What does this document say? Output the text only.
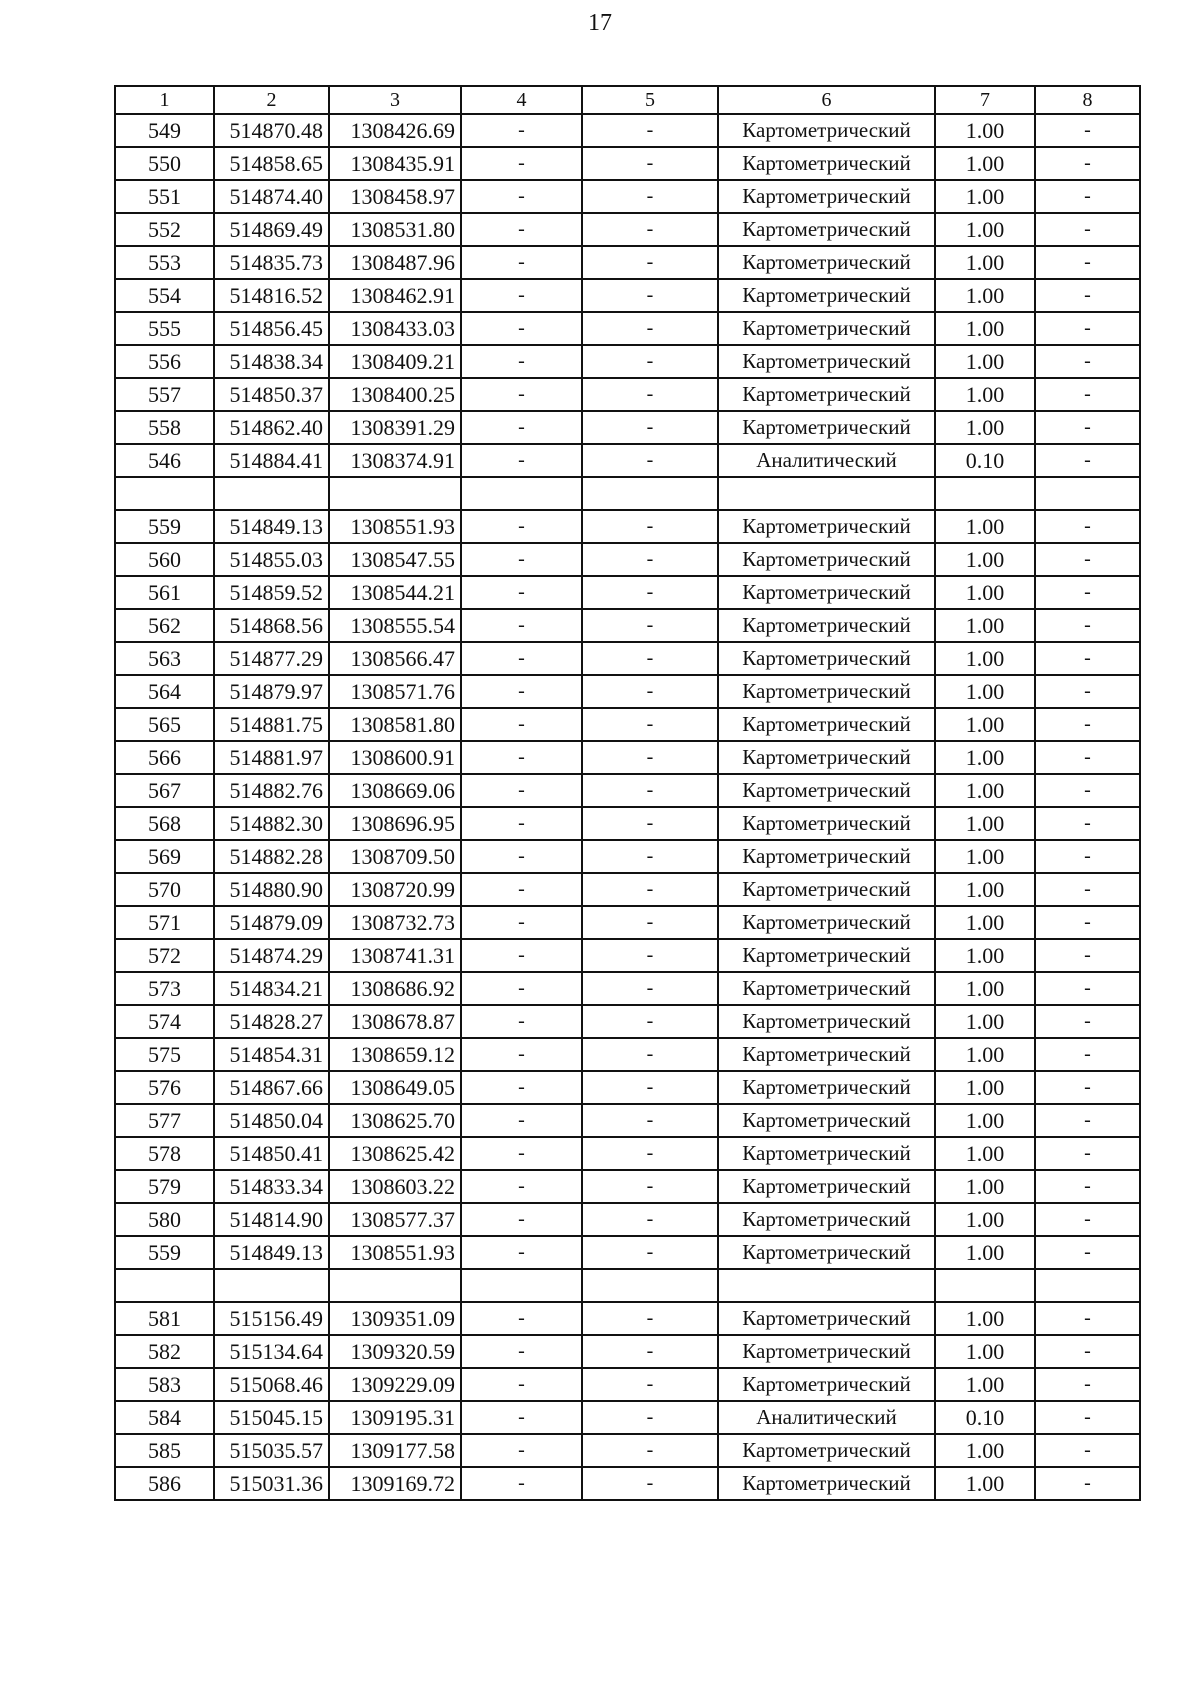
17
1	2	3	4	5	6	7	8
549	514870.48	1308426.69	-	-	Картометрический	1.00	-
550	514858.65	1308435.91	-	-	Картометрический	1.00	-
551	514874.40	1308458.97	-	-	Картометрический	1.00	-
552	514869.49	1308531.80	-	-	Картометрический	1.00	-
553	514835.73	1308487.96	-	-	Картометрический	1.00	-
554	514816.52	1308462.91	-	-	Картометрический	1.00	-
555	514856.45	1308433.03	-	-	Картометрический	1.00	-
556	514838.34	1308409.21	-	-	Картометрический	1.00	-
557	514850.37	1308400.25	-	-	Картометрический	1.00	-
558	514862.40	1308391.29	-	-	Картометрический	1.00	-
546	514884.41	1308374.91	-	-	Аналитический	0.10	-

559	514849.13	1308551.93	-	-	Картометрический	1.00	-
560	514855.03	1308547.55	-	-	Картометрический	1.00	-
561	514859.52	1308544.21	-	-	Картометрический	1.00	-
562	514868.56	1308555.54	-	-	Картометрический	1.00	-
563	514877.29	1308566.47	-	-	Картометрический	1.00	-
564	514879.97	1308571.76	-	-	Картометрический	1.00	-
565	514881.75	1308581.80	-	-	Картометрический	1.00	-
566	514881.97	1308600.91	-	-	Картометрический	1.00	-
567	514882.76	1308669.06	-	-	Картометрический	1.00	-
568	514882.30	1308696.95	-	-	Картометрический	1.00	-
569	514882.28	1308709.50	-	-	Картометрический	1.00	-
570	514880.90	1308720.99	-	-	Картометрический	1.00	-
571	514879.09	1308732.73	-	-	Картометрический	1.00	-
572	514874.29	1308741.31	-	-	Картометрический	1.00	-
573	514834.21	1308686.92	-	-	Картометрический	1.00	-
574	514828.27	1308678.87	-	-	Картометрический	1.00	-
575	514854.31	1308659.12	-	-	Картометрический	1.00	-
576	514867.66	1308649.05	-	-	Картометрический	1.00	-
577	514850.04	1308625.70	-	-	Картометрический	1.00	-
578	514850.41	1308625.42	-	-	Картометрический	1.00	-
579	514833.34	1308603.22	-	-	Картометрический	1.00	-
580	514814.90	1308577.37	-	-	Картометрический	1.00	-
559	514849.13	1308551.93	-	-	Картометрический	1.00	-

581	515156.49	1309351.09	-	-	Картометрический	1.00	-
582	515134.64	1309320.59	-	-	Картометрический	1.00	-
583	515068.46	1309229.09	-	-	Картометрический	1.00	-
584	515045.15	1309195.31	-	-	Аналитический	0.10	-
585	515035.57	1309177.58	-	-	Картометрический	1.00	-
586	515031.36	1309169.72	-	-	Картометрический	1.00	-
